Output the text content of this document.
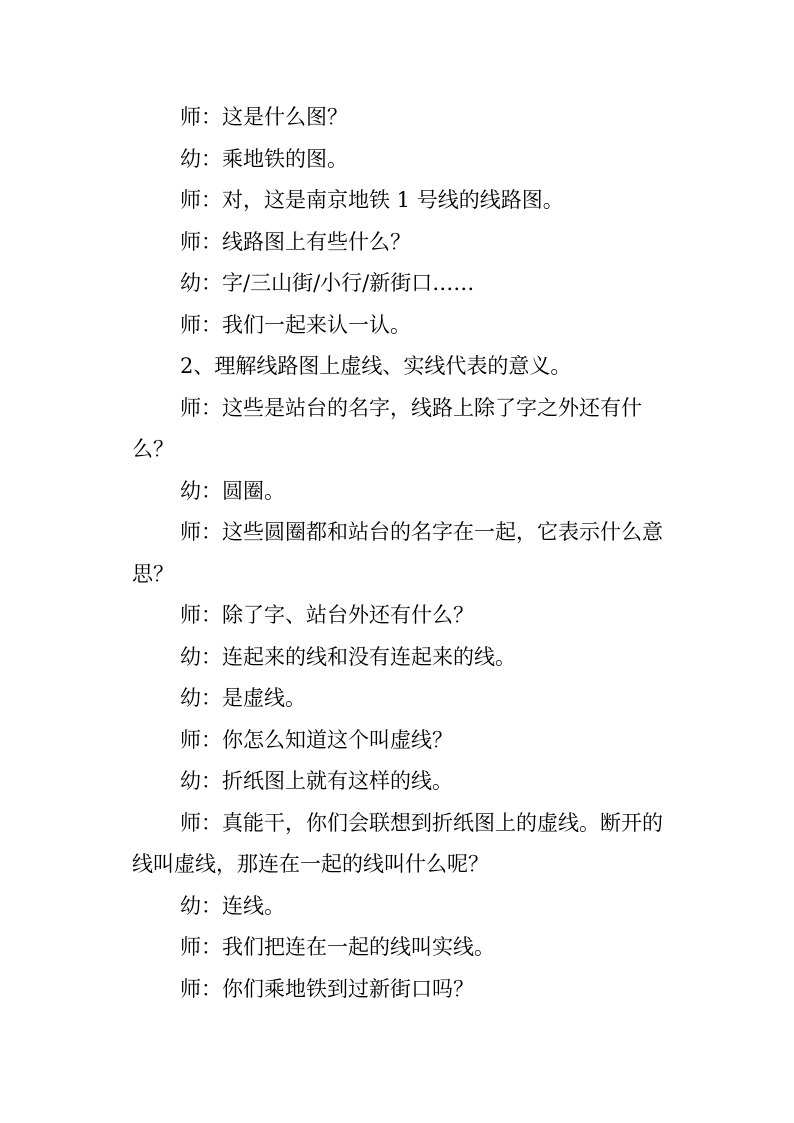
师：这是什么图？

幼：乘地铁的图。

师：对，这是南京地铁 1 号线的线路图。

师：线路图上有些什么？

幼：字/三山街/小行/新街口……

师：我们一起来认一认。

2、理解线路图上虚线、实线代表的意义。

师：这些是站台的名字，线路上除了字之外还有什么？

幼：圆圈。

师：这些圆圈都和站台的名字在一起，它表示什么意思？

师：除了字、站台外还有什么？

幼：连起来的线和没有连起来的线。

幼：是虚线。

师：你怎么知道这个叫虚线？

幼：折纸图上就有这样的线。

师：真能干，你们会联想到折纸图上的虚线。断开的线叫虚线，那连在一起的线叫什么呢？

幼：连线。

师：我们把连在一起的线叫实线。

师：你们乘地铁到过新街口吗？
